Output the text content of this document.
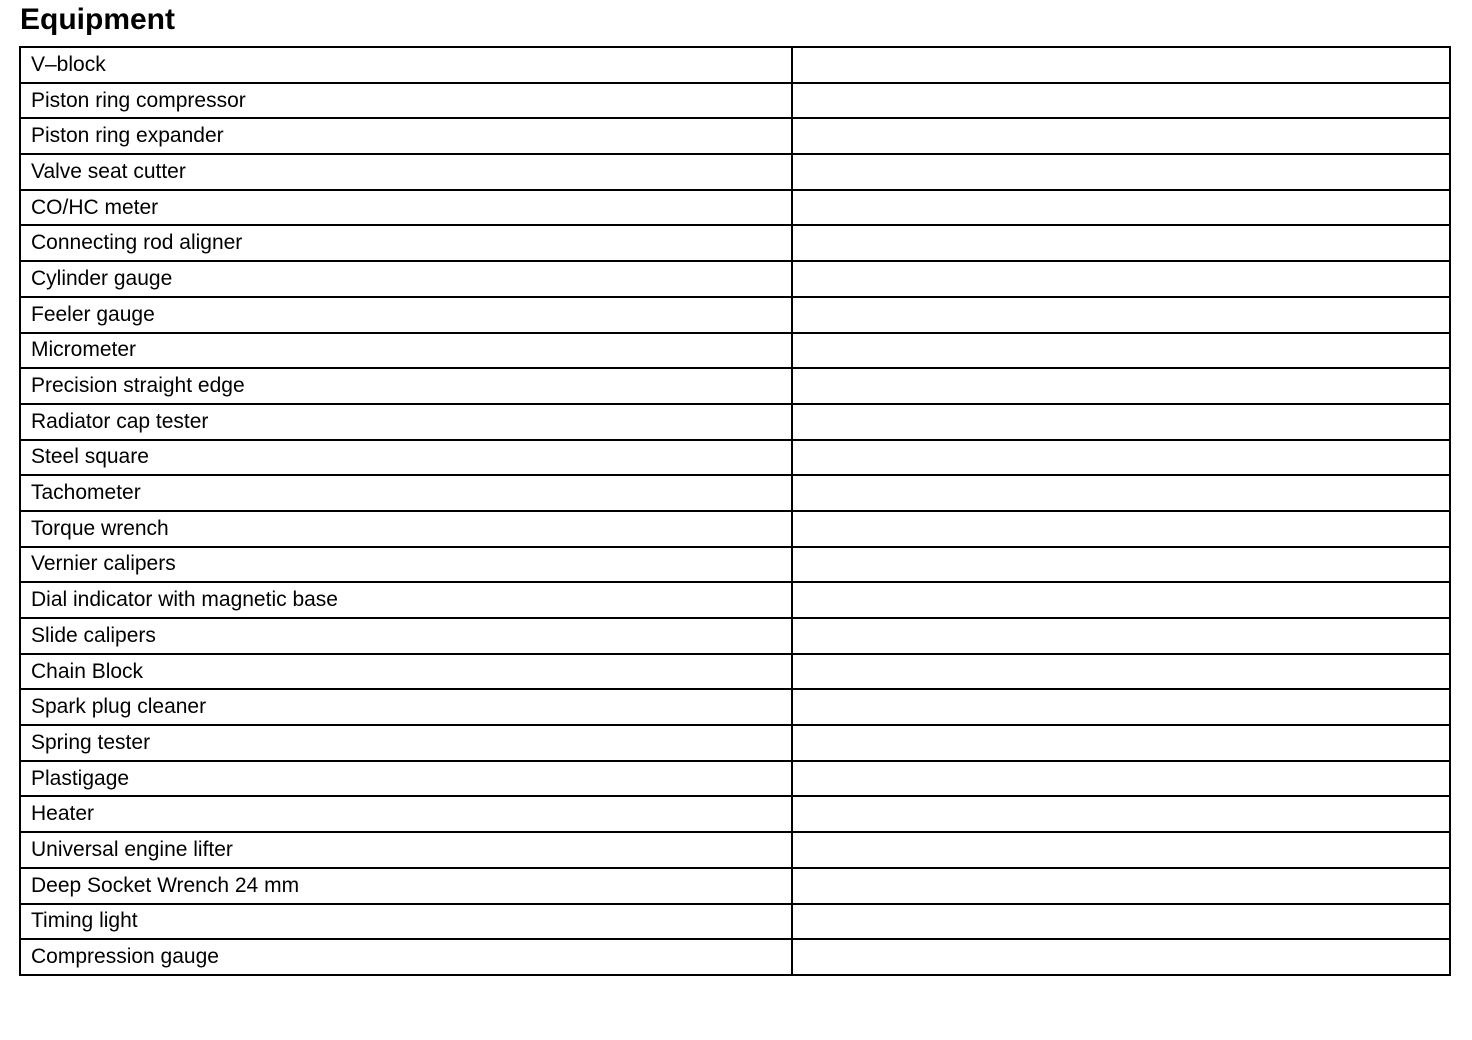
Equipment
V–block	
Piston ring compressor	
Piston ring expander	
Valve seat cutter	
CO/HC meter	
Connecting rod aligner	
Cylinder gauge	
Feeler gauge	
Micrometer	
Precision straight edge	
Radiator cap tester	
Steel square	
Tachometer	
Torque wrench	
Vernier calipers	
Dial indicator with magnetic base	
Slide calipers	
Chain Block	
Spark plug cleaner	
Spring tester	
Plastigage	
Heater	
Universal engine lifter	
Deep Socket Wrench 24 mm	
Timing light	
Compression gauge	
